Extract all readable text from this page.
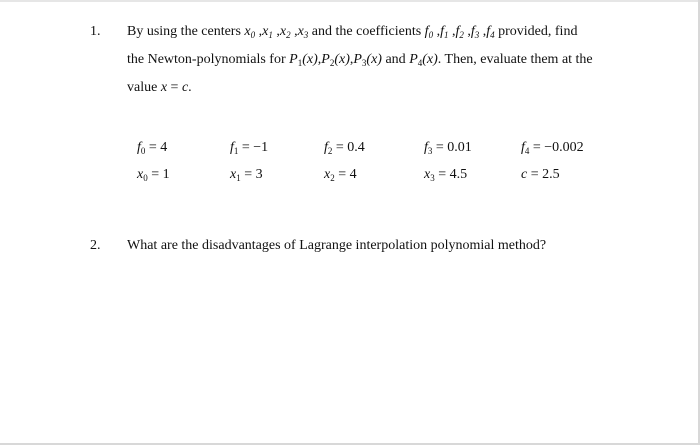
1. By using the centers $x_0$ $,x_1$ $,x_2$ $,x_3$ and the coefficients $f_0$ $,f_1$ $,f_2$ $,f_3$ $,f_4$ provided, find
the Newton-polynomials for $P_1(x),P_2(x),P_3(x)$ and $P_4(x)$. Then, evaluate them at the
value x = c.
$f_0 = 4$	$f_1 = -1$	$f_2 = 0.4$	$f_3 = 0.01$	$f_4 = -0.002$
$x_0 = 1$	$x_1 = 3$	$x_2 = 4$	$x_3 = 4.5$	c = 2.5
2. What are the disadvantages of Lagrange interpolation polynomial method?
